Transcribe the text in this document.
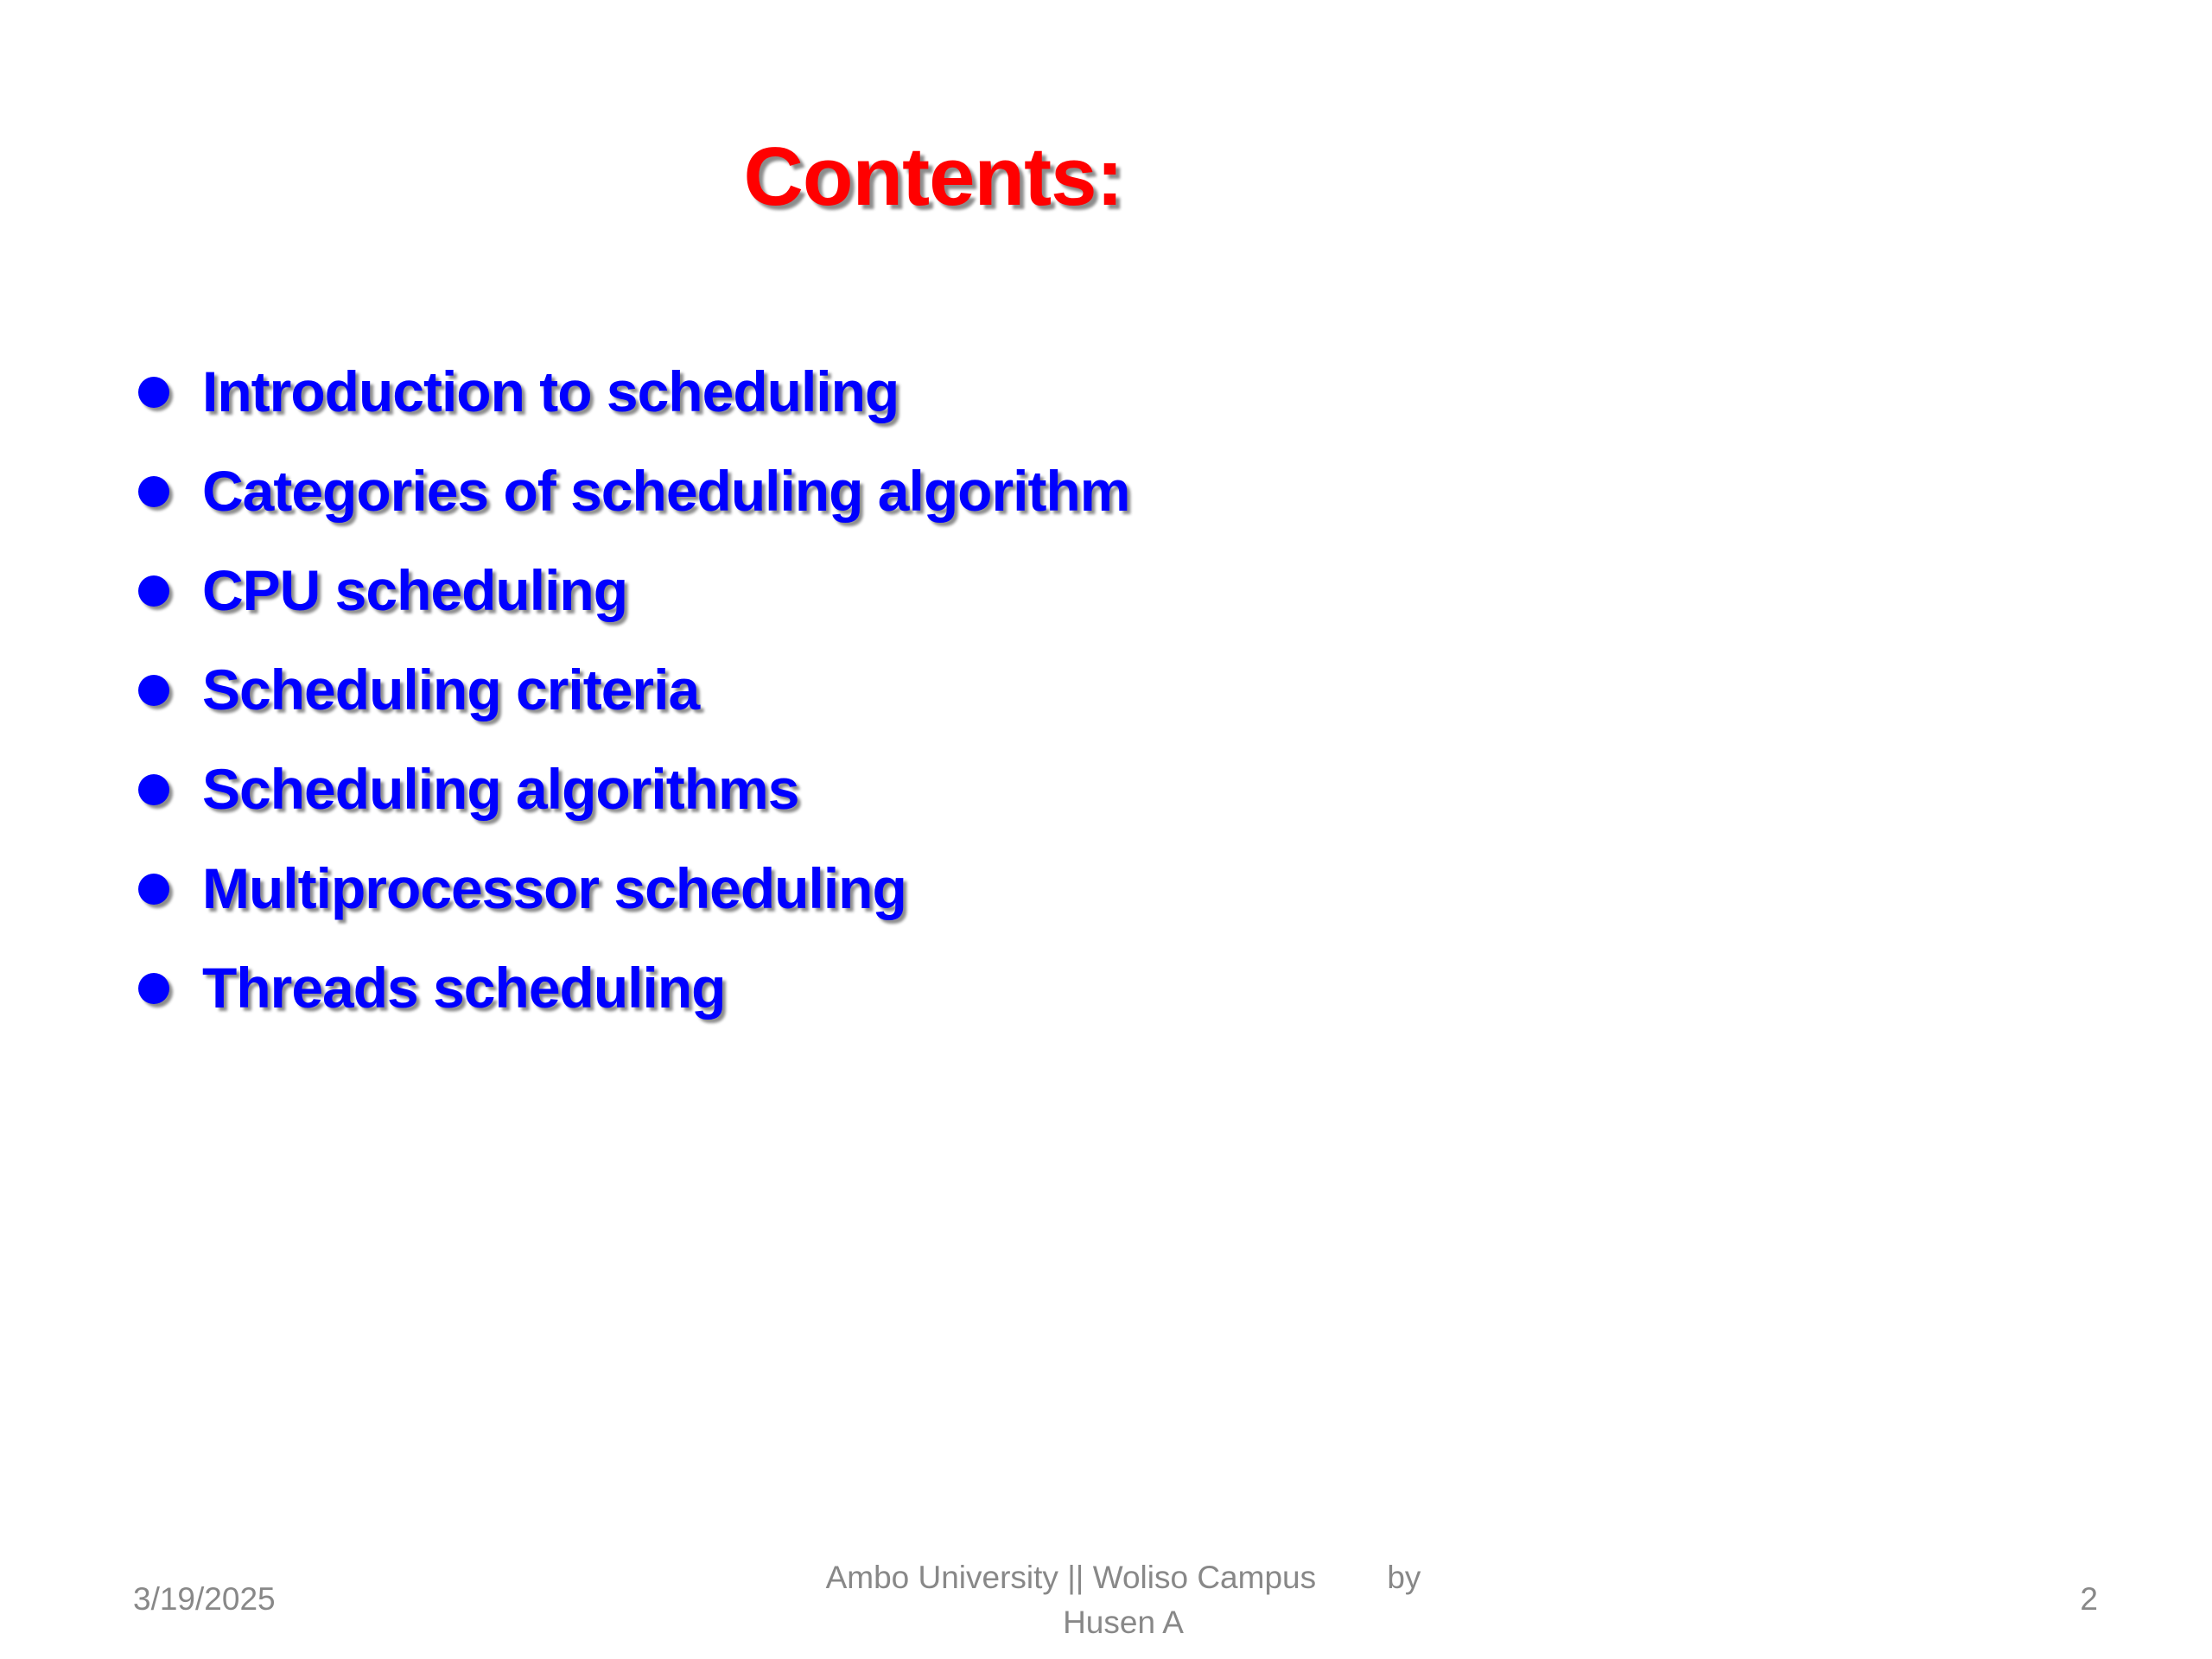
Contents:
Introduction to scheduling
Categories of scheduling algorithm
CPU scheduling
Scheduling criteria
Scheduling algorithms
Multiprocessor scheduling
Threads scheduling
3/19/2025
Ambo University || Woliso Campus        by
Husen A
2
